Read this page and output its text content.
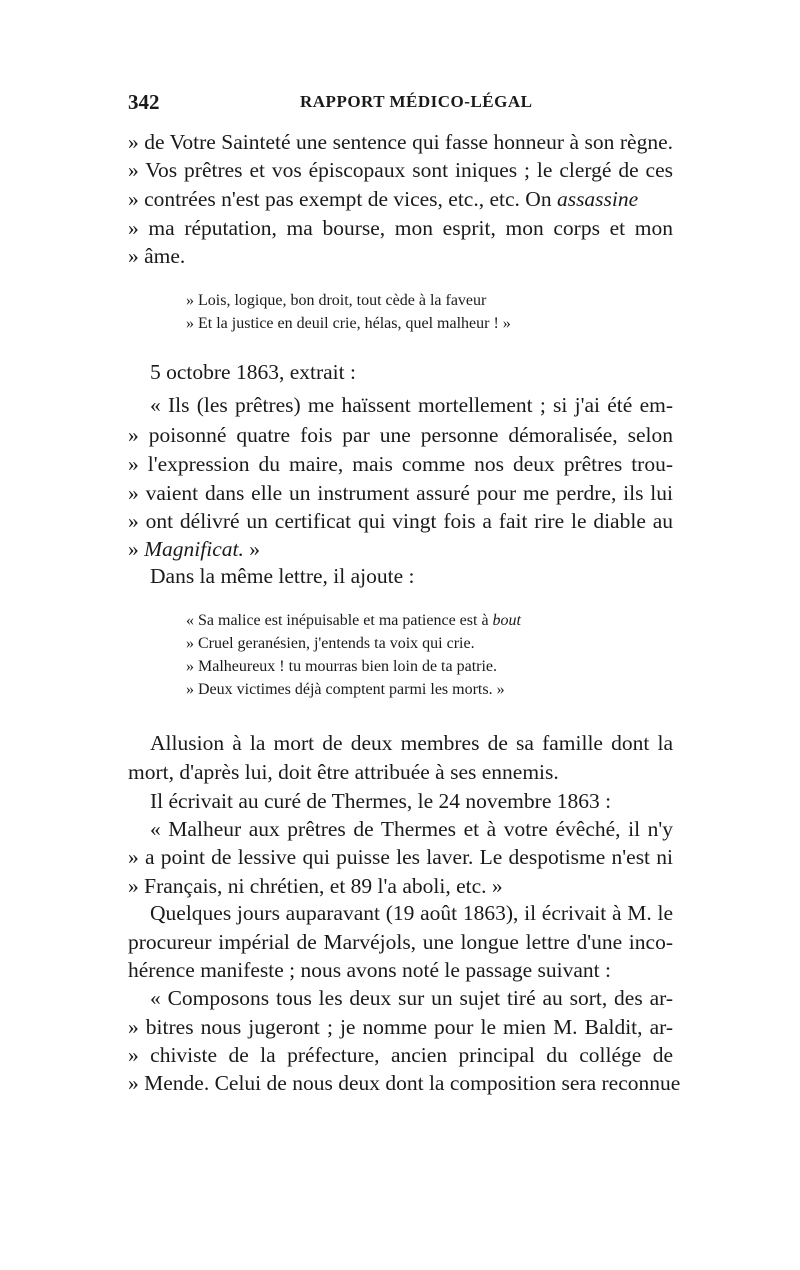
342	RAPPORT MÉDICO-LÉGAL
» de Votre Sainteté une sentence qui fasse honneur à son règne.
» Vos prêtres et vos épiscopaux sont iniques ; le clergé de ces
» contrées n'est pas exempt de vices, etc., etc. On assassine
» ma réputation, ma bourse, mon esprit, mon corps et mon
» âme.
» Lois, logique, bon droit, tout cède à la faveur
» Et la justice en deuil crie, hélas, quel malheur ! »
5 octobre 1863, extrait :
« Ils (les prêtres) me haïssent mortellement ; si j'ai été em-
» poisonné quatre fois par une personne démoralisée, selon
» l'expression du maire, mais comme nos deux prêtres trou-
» vaient dans elle un instrument assuré pour me perdre, ils lui
» ont délivré un certificat qui vingt fois a fait rire le diable au
» Magnificat. »
Dans la même lettre, il ajoute :
« Sa malice est inépuisable et ma patience est à bout
» Cruel geranésien, j'entends ta voix qui crie.
» Malheureux ! tu mourras bien loin de ta patrie.
» Deux victimes déjà comptent parmi les morts. »
Allusion à la mort de deux membres de sa famille dont la
mort, d'après lui, doit être attribuée à ses ennemis.
Il écrivait au curé de Thermes, le 24 novembre 1863 :
« Malheur aux prêtres de Thermes et à votre évêché, il n'y
» a point de lessive qui puisse les laver. Le despotisme n'est ni
» Français, ni chrétien, et 89 l'a aboli, etc. »
Quelques jours auparavant (19 août 1863), il écrivait à M. le
procureur impérial de Marvéjols, une longue lettre d'une inco-
hérence manifeste ; nous avons noté le passage suivant :
« Composons tous les deux sur un sujet tiré au sort, des ar-
» bitres nous jugeront ; je nomme pour le mien M. Baldit, ar-
» chiviste de la préfecture, ancien principal du collége de
» Mende. Celui de nous deux dont la composition sera reconnue
